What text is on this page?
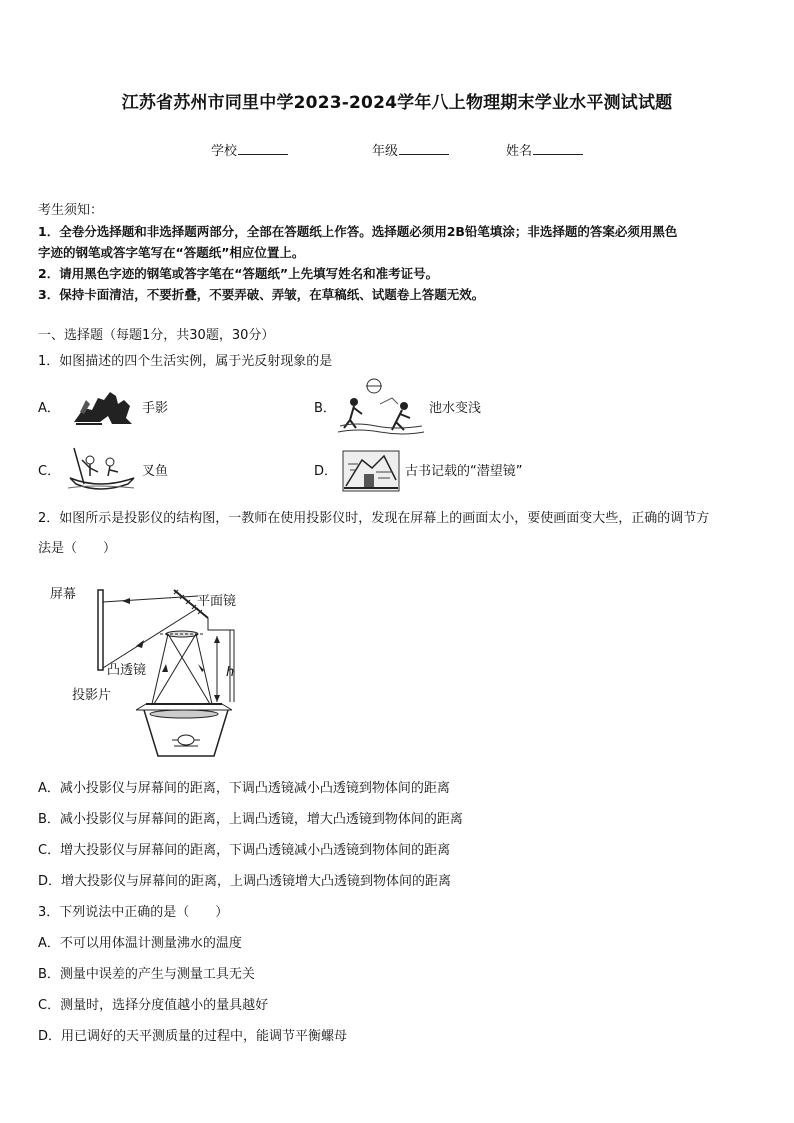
江苏省苏州市同里中学2023-2024学年八上物理期末学业水平测试试题
学校	年级	姓名
考生须知：
1．全卷分选择题和非选择题两部分，全部在答题纸上作答。选择题必须用2B铅笔填涂；非选择题的答案必须用黑色
字迹的钢笔或答字笔写在“答题纸”相应位置上。
2．请用黑色字迹的钢笔或答字笔在“答题纸”上先填写姓名和准考证号。
3．保持卡面清洁，不要折叠，不要弄破、弄皱，在草稿纸、试题卷上答题无效。
一、选择题（每题1分，共30题，30分）
1．如图描述的四个生活实例，属于光反射现象的是
A．	手影	B．	池水变浅
C．	叉鱼	D．	古书记载的“潜望镜”
2．如图所示是投影仪的结构图，一教师在使用投影仪时，发现在屏幕上的画面太小，要使画面变大些，正确的调节方
法是（　　）
屏幕	平面镜
凸透镜	h
投影片
A．减小投影仪与屏幕间的距离，下调凸透镜减小凸透镜到物体间的距离
B．减小投影仪与屏幕间的距离，上调凸透镜，增大凸透镜到物体间的距离
C．增大投影仪与屏幕间的距离，下调凸透镜减小凸透镜到物体间的距离
D．增大投影仪与屏幕间的距离，上调凸透镜增大凸透镜到物体间的距离
3．下列说法中正确的是（　　）
A．不可以用体温计测量沸水的温度
B．测量中误差的产生与测量工具无关
C．测量时，选择分度值越小的量具越好
D．用已调好的天平测质量的过程中，能调节平衡螺母
